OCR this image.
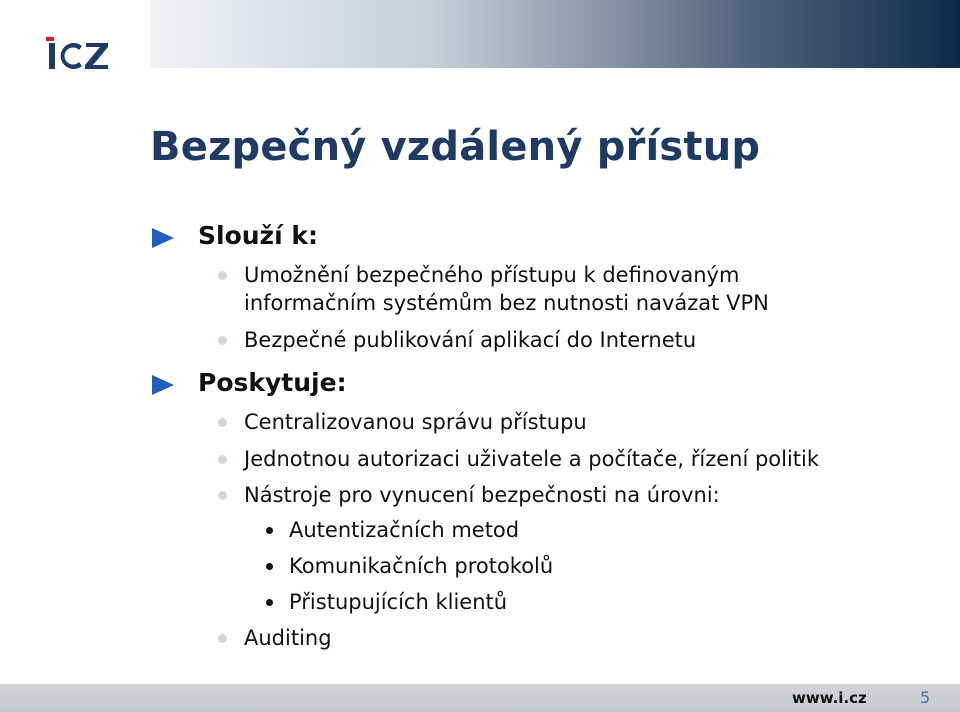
Bezpečný vzdálený přístup
Slouží k:
Umožnění bezpečného přístupu k definovaným
informačním systémům bez nutnosti navázat VPN
Bezpečné publikování aplikací do Internetu
Poskytuje:
Centralizovanou správu přístupu
Jednotnou autorizaci uživatele a počítače, řízení politik
Nástroje pro vynucení bezpečnosti na úrovni:
Autentizačních metod
Komunikačních protokolů
Přistupujících klientů
Auditing
www.i.cz	5
